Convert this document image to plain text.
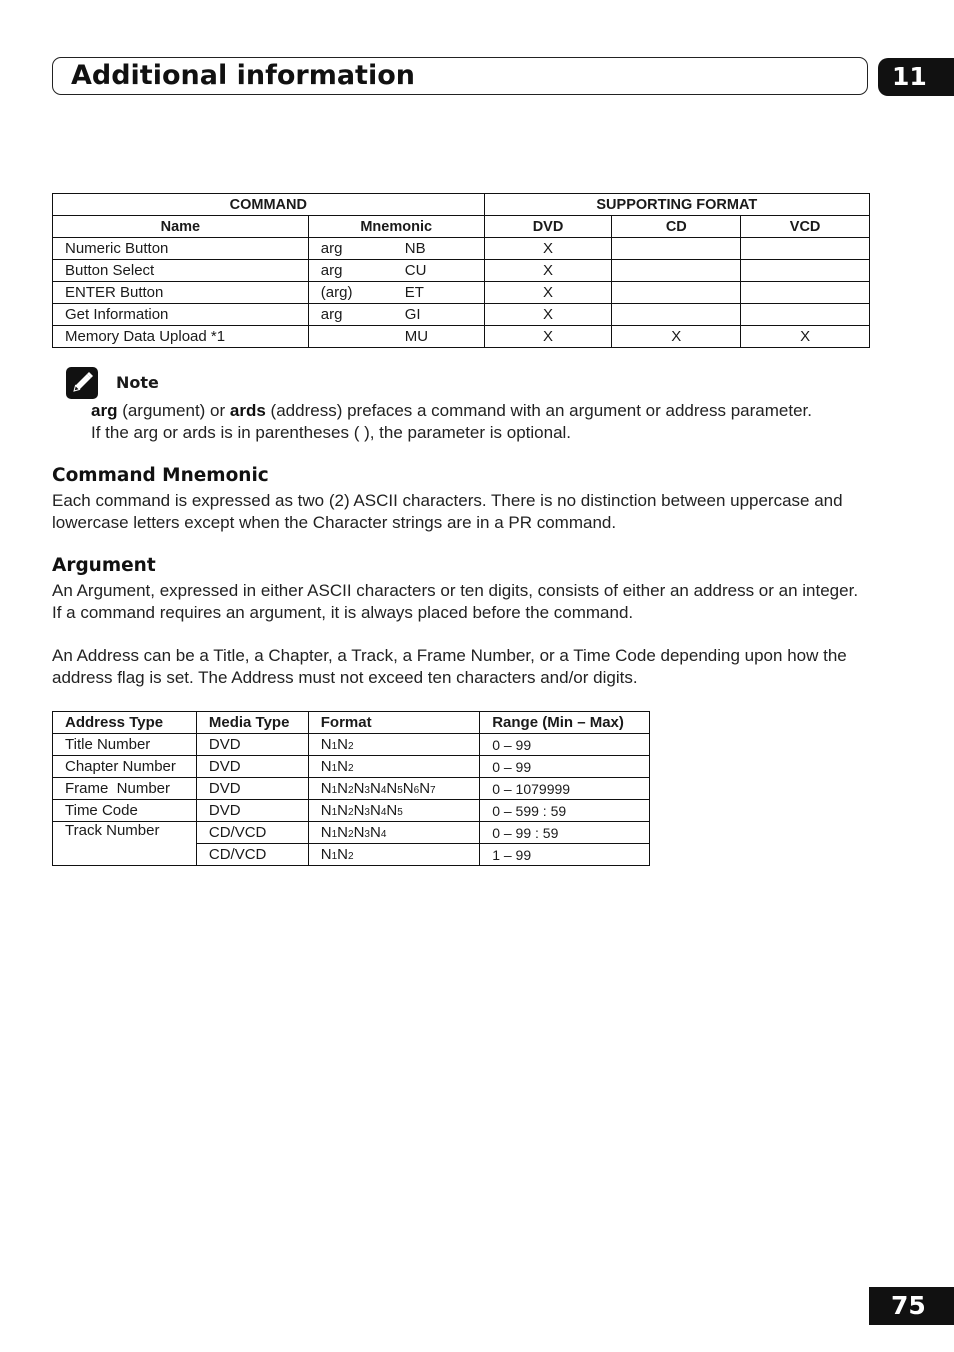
Additional information	11
COMMAND		SUPPORTING FORMAT		
Name	Mnemonic	DVD	CD	VCD
Numeric Button	arg NB	X		
Button Select	arg CU	X		
ENTER Button	(arg) ET	X		
Get Information	arg GI	X		
Memory Data Upload *1	MU	X	X	X
Note
arg (argument) or ards (address) prefaces a command with an argument or address parameter.
If the arg or ards is in parentheses ( ), the parameter is optional.
Command Mnemonic

Each command is expressed as two (2) ASCII characters. There is no distinction between uppercase and lowercase letters except when the Character strings are in a PR command.

Argument

An Argument, expressed in either ASCII characters or ten digits, consists of either an address or an integer. If a command requires an argument, it is always placed before the command.

An Address can be a Title, a Chapter, a Track, a Frame Number, or a Time Code depending upon how the address flag is set. The Address must not exceed ten characters and/or digits.

Address Type	Media Type	Format	Range (Min – Max)
Title Number	DVD	N1N2	0 – 99
Chapter Number	DVD	N1N2	0 – 99
Frame  Number	DVD	N1N2N3N4N5N6N7	0 – 1079999
Time Code	DVD	N1N2N3N4N5	0 – 599 : 59
Track Number	CD/VCD	N1N2N3N4	0 – 99 : 59
	CD/VCD	N1N2	1 – 99
75
